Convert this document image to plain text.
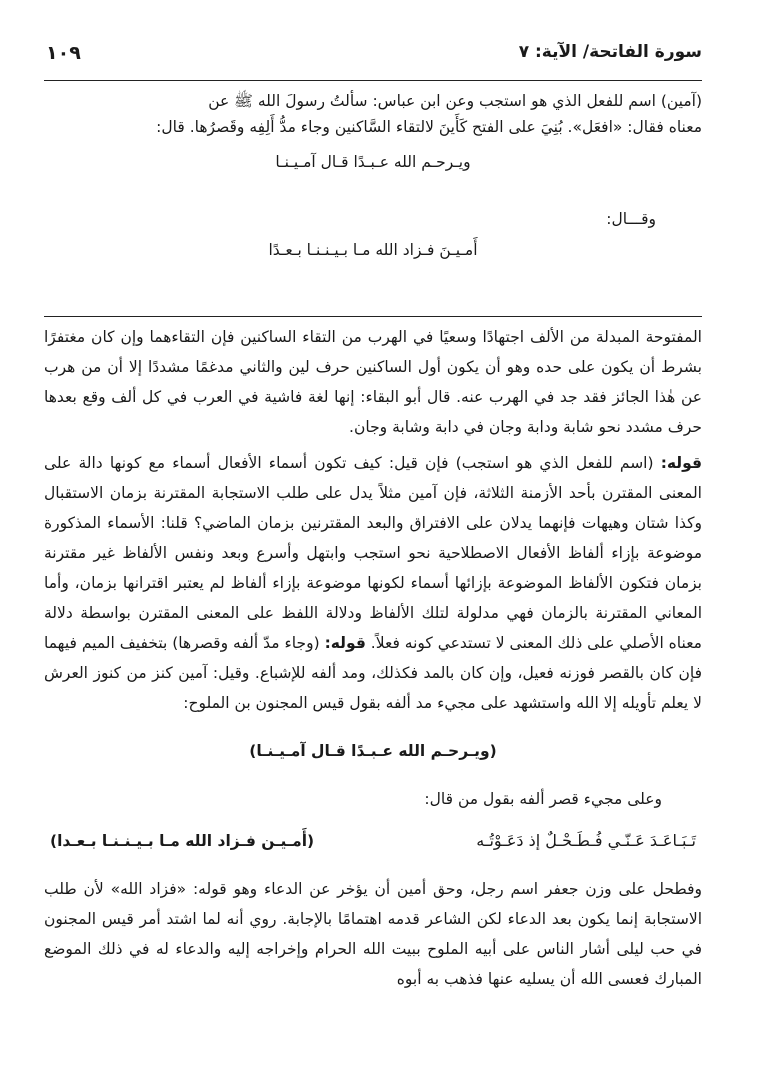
سورة الفاتحة/ الآية: ٧
١٠٩
(آمين) اسم للفعل الذي هو استجب وعن ابن عباس: سألتُ رسولَ الله ﷺ عن
معناه فقال: «افعَل». بُنِيَ على الفتح كَأَينَ لالتقاء السَّاكنين وجاء مدُّ أَلِفِه وقَصرُها. قال:
ويـرحـم الله عـبـدًا قـال آمـيـنـا
وقـــال:
أَمـيـنَ فـزاد الله مـا بـيـنـنـا بـعـدًا

المفتوحة المبدلة من الألف اجتهادًا وسعيًا في الهرب من التقاء الساكنين فإن التقاءهما وإن كان مغتفرًا بشرط أن يكون على حده وهو أن يكون أول الساكنين حرف لين والثاني مدغمًا مشددًا إلا أن من هرب عن هٰذا الجائز فقد جد في الهرب عنه. قال أبو البقاء: إنها لغة فاشية في العرب في كل ألف وقع بعدها حرف مشدد نحو شابة ودابة وجان في دابة وشابة وجان.

قوله: (اسم للفعل الذي هو استجب) فإن قيل: كيف تكون أسماء الأفعال أسماء مع كونها دالة على المعنى المقترن بأحد الأزمنة الثلاثة، فإن آمين مثلاً يدل على طلب الاستجابة المقترنة بزمان الاستقبال وكذا شتان وهيهات فإنهما يدلان على الافتراق والبعد المقترنين بزمان الماضي؟ قلنا: الأسماء المذكورة موضوعة بإزاء ألفاظ الأفعال الاصطلاحية نحو استجب وابتهل وأسرع وبعد ونفس الألفاظ غير مقترنة بزمان فتكون الألفاظ الموضوعة بإزائها أسماء لكونها موضوعة بإزاء ألفاظ لم يعتبر اقترانها بزمان، وأما المعاني المقترنة بالزمان فهي مدلولة لتلك الألفاظ ودلالة اللفظ على المعنى المقترن بواسطة دلالة معناه الأصلي على ذلك المعنى لا تستدعي كونه فعلاً. قوله: (وجاء مدّ ألفه وقصرها) بتخفيف الميم فيهما فإن كان بالقصر فوزنه فعيل، وإن كان بالمد فكذلك، ومد ألفه للإشباع. وقيل: آمين كنز من كنوز العرش لا يعلم تأويله إلا الله واستشهد على مجيء مد ألفه بقول قيس المجنون بن الملوح:

(ويـرحـم الله عـبـدًا قـال آمـيـنـا)
وعلى مجيء قصر ألفه بقول من قال:
تَـبَـاعَـدَ عَـنّـي فُـطَـحْـلٌ إذ دَعَـوْتُـه
(أَمـيـن فـزاد الله مـا بـيـنـنـا بـعـدا)

وفطحل على وزن جعفر اسم رجل، وحق أمين أن يؤخر عن الدعاء وهو قوله: «فزاد الله» لأن طلب الاستجابة إنما يكون بعد الدعاء لكن الشاعر قدمه اهتمامًا بالإجابة. روي أنه لما اشتد أمر قيس المجنون في حب ليلى أشار الناس على أبيه الملوح ببيت الله الحرام وإخراجه إليه والدعاء له في ذلك الموضع المبارك فعسى الله أن يسليه عنها فذهب به أبوه
